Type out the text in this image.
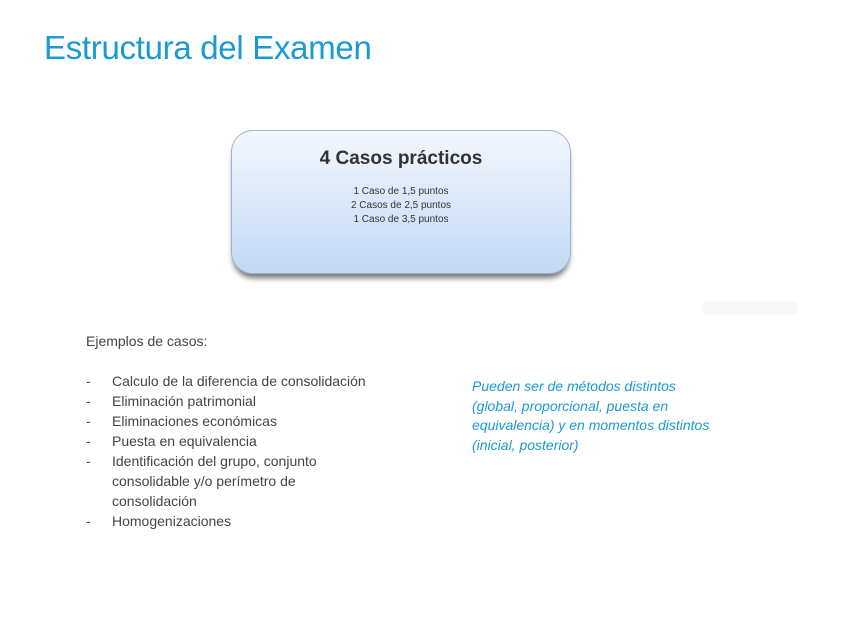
Estructura del Examen
4 Casos prácticos
1 Caso de 1,5 puntos
2 Casos de 2,5 puntos
1 Caso de 3,5 puntos
Ejemplos de casos:
- Calculo de la diferencia de consolidación
- Eliminación patrimonial
- Eliminaciones económicas
- Puesta en equivalencia
- Identificación del grupo, conjunto consolidable y/o perímetro de consolidación
- Homogenizaciones
Pueden ser de métodos distintos (global, proporcional, puesta en equivalencia) y en momentos distintos (inicial, posterior)
